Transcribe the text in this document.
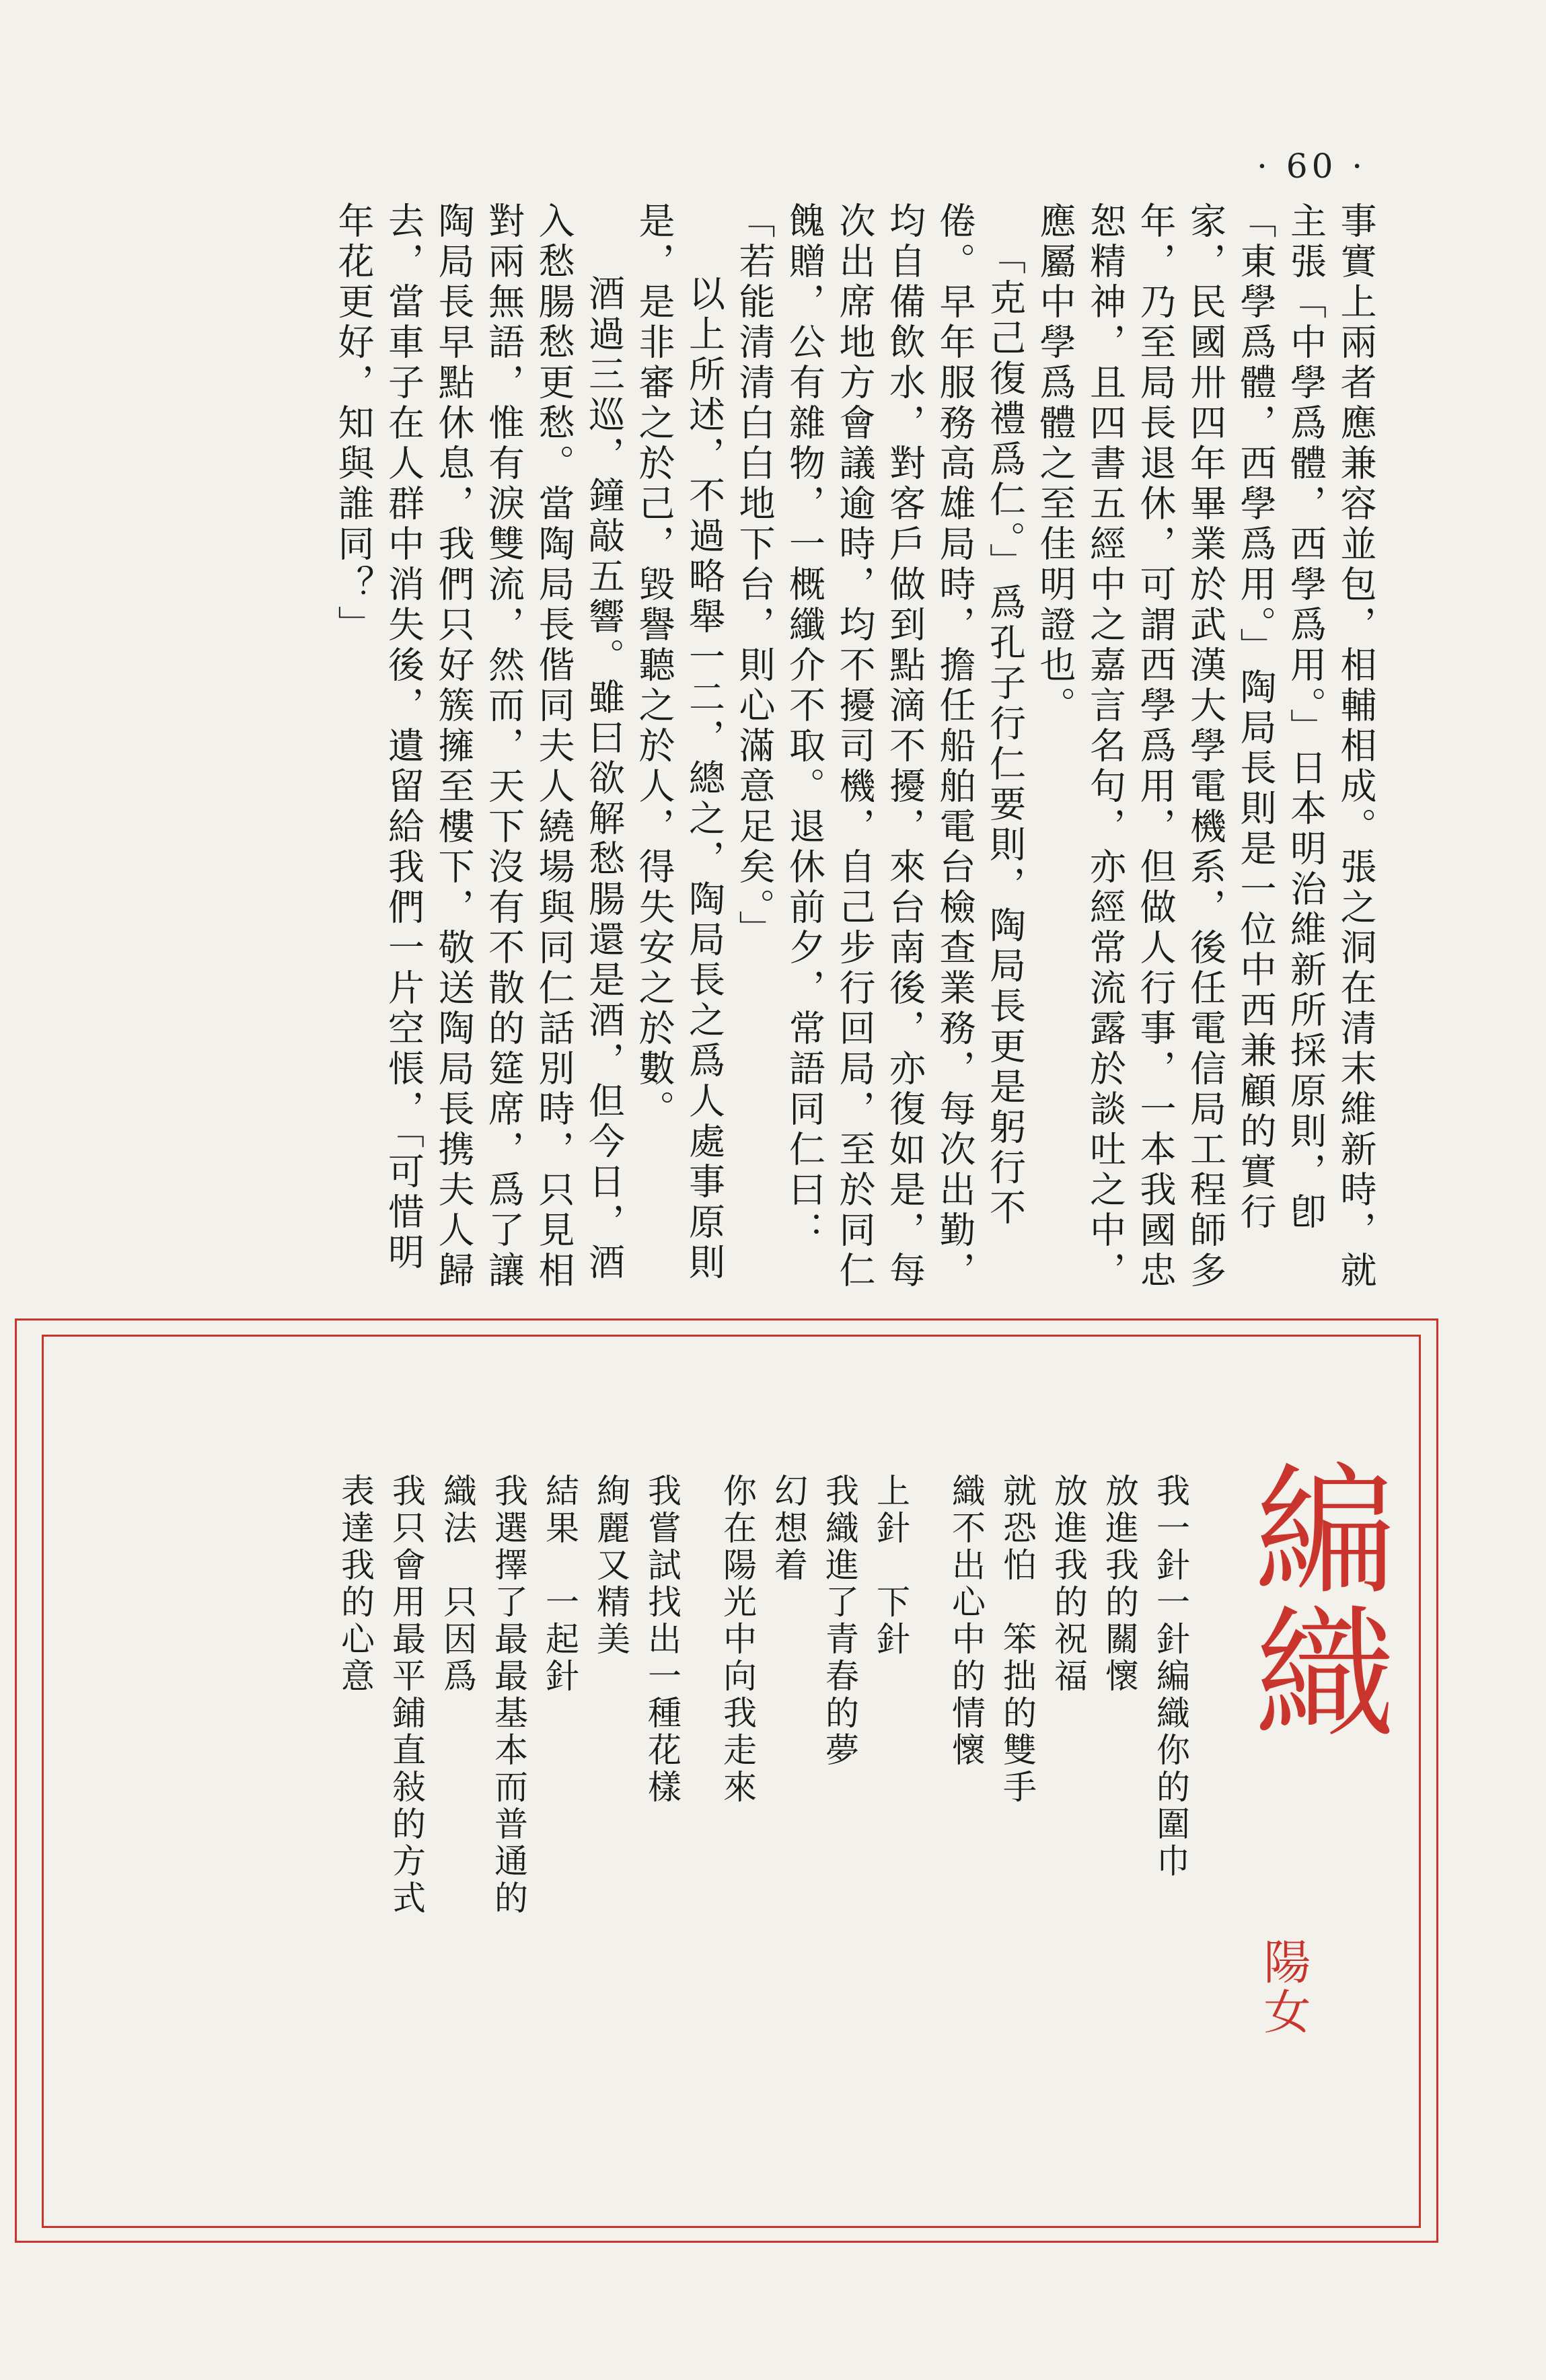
· 60 ·

事實上兩者應兼容並包，相輔相成。張之洞在清末維新時，就主張「中學爲體，西學爲用。」日本明治維新所採原則，卽「東學爲體，西學爲用。」陶局長則是一位中西兼顧的實行家，民國卅四年畢業於武漢大學電機系，後任電信局工程師多年，乃至局長退休，可謂西學爲用，但做人行事，一本我國忠恕精神，且四書五經中之嘉言名句，亦經常流露於談吐之中，應屬中學爲體之至佳明證也。

「克己復禮爲仁。」爲孔子行仁要則，陶局長更是躬行不倦。早年服務高雄局時，擔任船舶電台檢查業務，每次出勤，均自備飲水，對客戶做到點滴不擾，來台南後，亦復如是，每次出席地方會議逾時，均不擾司機，自己步行回局，至於同仁餽贈，公有雜物，一概纖介不取。退休前夕，常語同仁曰：「若能清清白白地下台，則心滿意足矣。」

以上所述，不過略舉一二，總之，陶局長之爲人處事原則是，是非審之於己，毀譽聽之於人，得失安之於數。

酒過三巡，鐘敲五響。雖曰欲解愁腸還是酒，但今日，酒入愁腸愁更愁。當陶局長偕同夫人繞場與同仁話別時，只見相對兩無語，惟有淚雙流，然而，天下沒有不散的筵席，爲了讓陶局長早點休息，我們只好簇擁至樓下，敬送陶局長携夫人歸去，當車子在人群中消失後，遺留給我們一片空悵，「可惜明年花更好，知與誰同？」

編織
陽女

我一針一針編織你的圍巾

放進我的關懷

放進我的祝福

就恐怕　笨拙的雙手

織不出心中的情懷

上針　下針

我織進了青春的夢

幻想着

你在陽光中向我走來

我嘗試找出一種花樣

絢麗又精美

結果　一起針

我選擇了最最基本而普通的

織法　只因爲

我只會用最平鋪直敍的方式

表達我的心意
